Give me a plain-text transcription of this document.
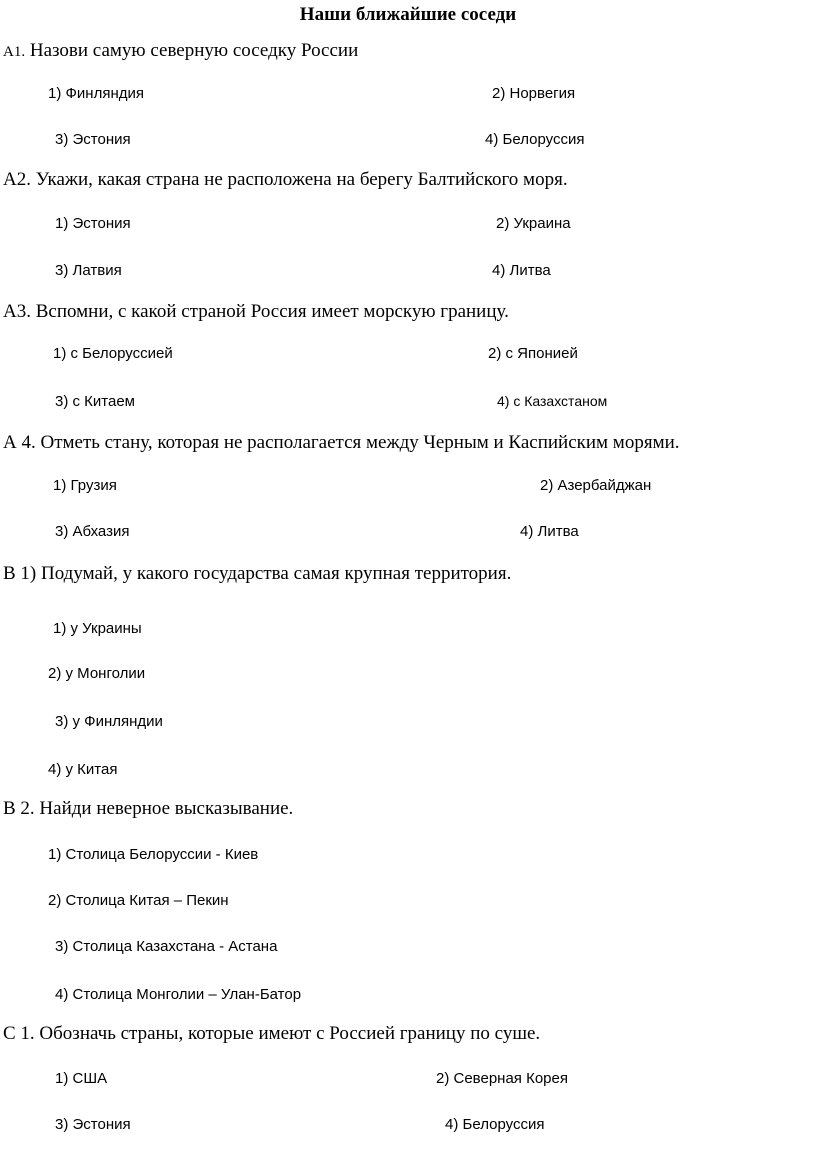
Наши ближайшие соседи
А1. Назови самую северную соседку России
1) Финляндия	2) Норвегия
3) Эстония	4) Белоруссия
А2. Укажи, какая страна не расположена на берегу Балтийского моря.
1) Эстония	2) Украина
3) Латвия	4) Литва
А3. Вспомни, с какой страной Россия имеет морскую границу.
1) с Белоруссией	2) с Японией
3) с Китаем	4) с Казахстаном
А 4. Отметь стану, которая не располагается между Черным и Каспийским морями.
1) Грузия	2) Азербайджан
3) Абхазия	4) Литва
В 1) Подумай, у какого государства самая крупная территория.
1) у Украины
2) у Монголии
3) у Финляндии
4) у Китая
В 2. Найди неверное высказывание.
1) Столица Белоруссии - Киев
2) Столица Китая – Пекин
3) Столица Казахстана - Астана
4) Столица Монголии – Улан-Батор
С 1. Обозначь страны, которые имеют с Россией границу по суше.
1) США	2) Северная Корея
3) Эстония	4) Белоруссия
